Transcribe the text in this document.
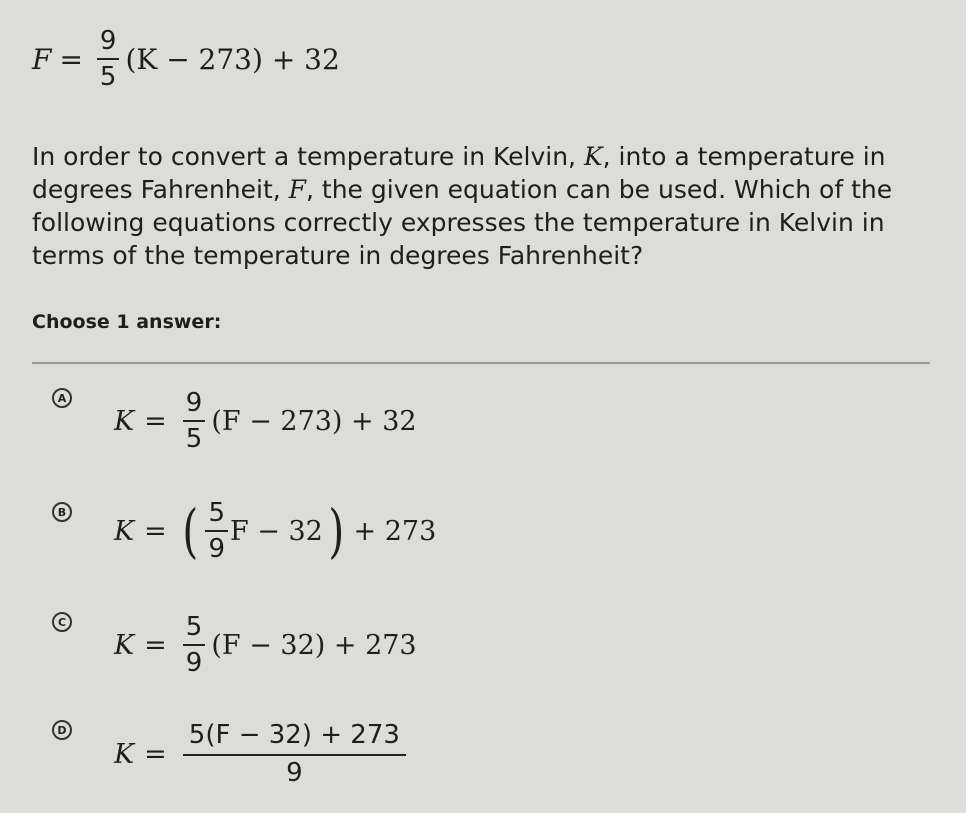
$F = \frac{9}{5} (K - 273) + 32$
In order to convert a temperature in Kelvin, K, into a temperature in degrees Fahrenheit, F, the given equation can be used. Which of the following equations correctly expresses the temperature in Kelvin in terms of the temperature in degrees Fahrenheit?
Choose 1 answer:
A
$K = \frac{9}{5} (F - 273) + 32$
B
K = ( $\frac{5}{9}$ F − 32 ) + 273
C
$K = \frac{5}{9} (F - 32) + 273$
D
$K = \frac{5(F - 32) + 273}{9}$
